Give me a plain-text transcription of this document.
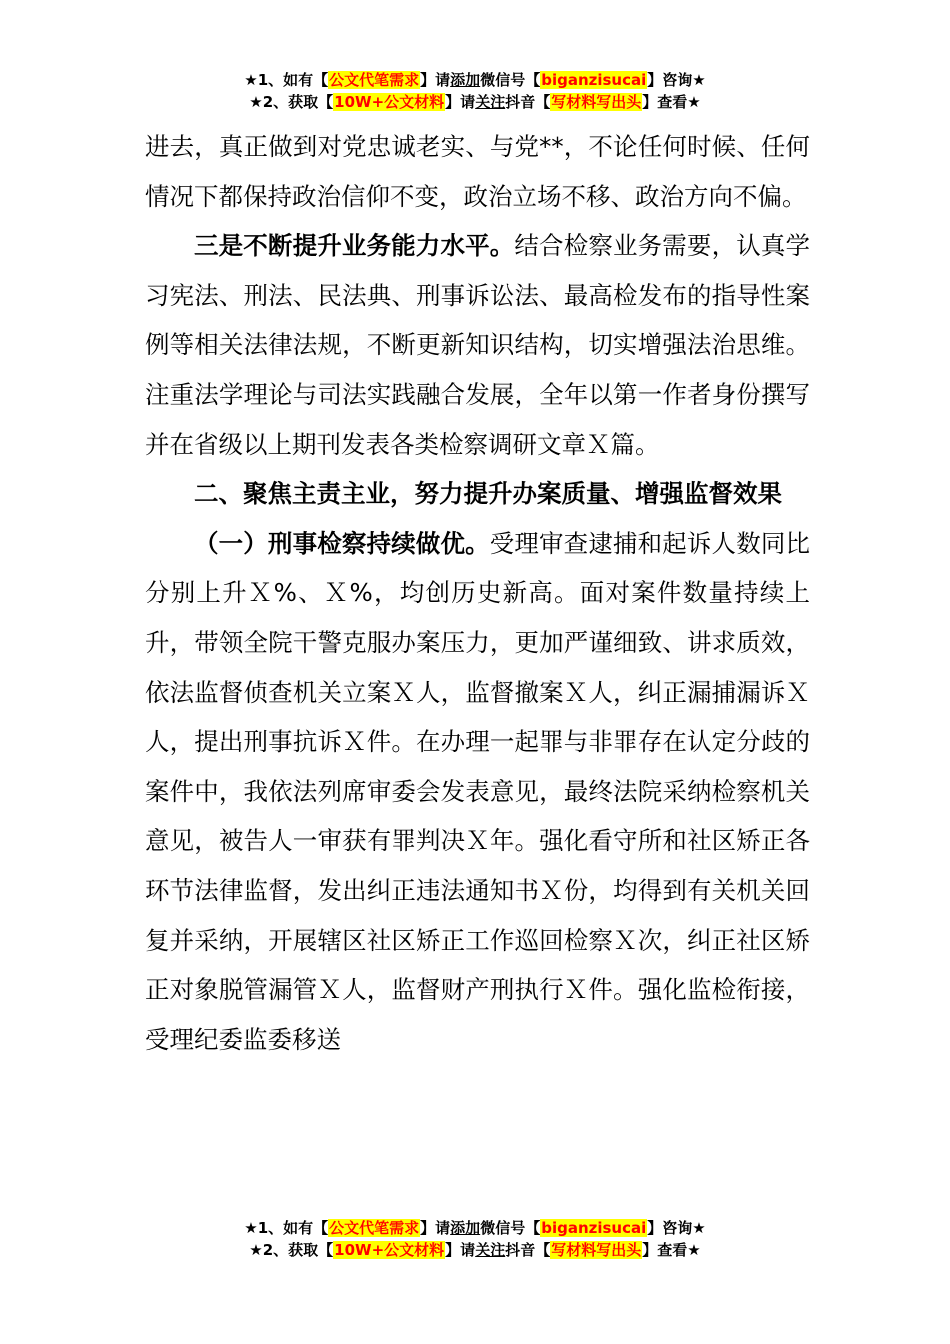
★1、如有【公文代笔需求】请添加微信号【biganzisucai】咨询★
★2、获取【10W+公文材料】请关注抖音【写材料写出头】查看★

进去，真正做到对党忠诚老实、与党**，不论任何时候、任何情况下都保持政治信仰不变，政治立场不移、政治方向不偏。

三是不断提升业务能力水平。结合检察业务需要，认真学习宪法、刑法、民法典、刑事诉讼法、最高检发布的指导性案例等相关法律法规，不断更新知识结构，切实增强法治思维。注重法学理论与司法实践融合发展，全年以第一作者身份撰写并在省级以上期刊发表各类检察调研文章Ｘ篇。

二、聚焦主责主业，努力提升办案质量、增强监督效果

（一）刑事检察持续做优。受理审查逮捕和起诉人数同比分别上升Ｘ%、Ｘ%，均创历史新高。面对案件数量持续上升，带领全院干警克服办案压力，更加严谨细致、讲求质效，依法监督侦查机关立案Ｘ人，监督撤案Ｘ人，纠正漏捕漏诉Ｘ人，提出刑事抗诉Ｘ件。在办理一起罪与非罪存在认定分歧的案件中，我依法列席审委会发表意见，最终法院采纳检察机关意见，被告人一审获有罪判决Ｘ年。强化看守所和社区矫正各环节法律监督，发出纠正违法通知书Ｘ份，均得到有关机关回复并采纳，开展辖区社区矫正工作巡回检察Ｘ次，纠正社区矫正对象脱管漏管Ｘ人，监督财产刑执行Ｘ件。强化监检衔接，受理纪委监委移送

★1、如有【公文代笔需求】请添加微信号【biganzisucai】咨询★
★2、获取【10W+公文材料】请关注抖音【写材料写出头】查看★
